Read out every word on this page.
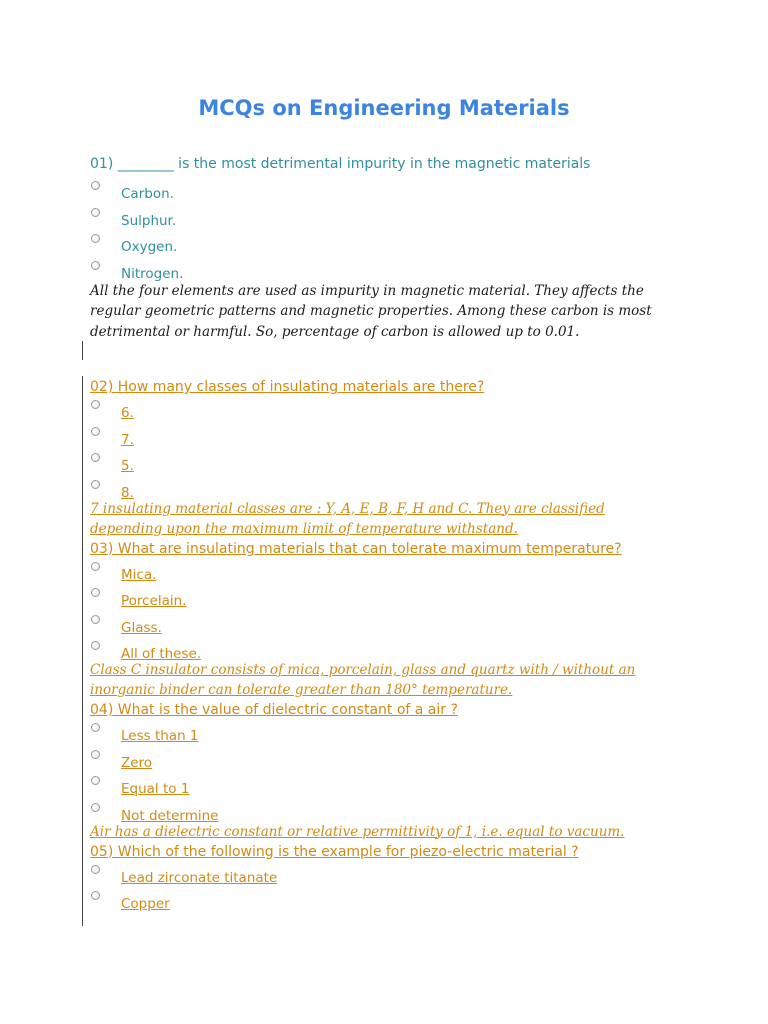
MCQs on Engineering Materials
01) ________ is the most detrimental impurity in the magnetic materials
Carbon.
Sulphur.
Oxygen.
Nitrogen.
All the four elements are used as impurity in magnetic material. They affects the regular geometric patterns and magnetic properties. Among these carbon is most detrimental or harmful. So, percentage of carbon is allowed up to 0.01.
02) How many classes of insulating materials are there?
6.
7.
5.
8.
7 insulating material classes are : Y, A, E, B, F, H and C. They are classified depending upon the maximum limit of temperature withstand.
03) What are insulating materials that can tolerate maximum temperature?
Mica.
Porcelain.
Glass.
All of these.
Class C insulator consists of mica, porcelain, glass and quartz with / without an inorganic binder can tolerate greater than 180° temperature.
04) What is the value of dielectric constant of a air ?
Less than 1
Zero
Equal to 1
Not determine
Air has a dielectric constant or relative permittivity of 1, i.e. equal to vacuum.
05) Which of the following is the example for piezo-electric material ?
Lead zirconate titanate
Copper
